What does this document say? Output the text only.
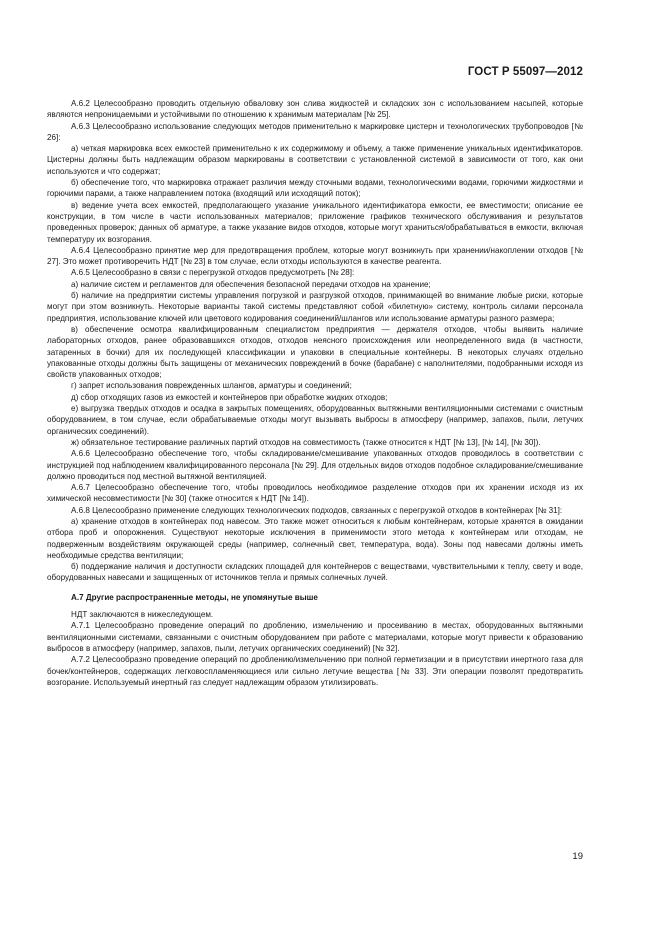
ГОСТ Р 55097—2012

А.6.2 Целесообразно проводить отдельную обваловку зон слива жидкостей и складских зон с использованием насыпей, которые являются непроницаемыми и устойчивыми по отношению к хранимым материалам [№ 25].

А.6.3 Целесообразно использование следующих методов применительно к маркировке цистерн и технологических трубопроводов [№ 26]:

а) четкая маркировка всех емкостей применительно к их содержимому и объему, а также применение уникальных идентификаторов. Цистерны должны быть надлежащим образом маркированы в соответствии с установленной системой в зависимости от того, как они используются и что содержат;

б) обеспечение того, что маркировка отражает различия между сточными водами, технологическими водами, горючими жидкостями и горючими парами, а также направлением потока (входящий или исходящий поток);

в) ведение учета всех емкостей, предполагающего указание уникального идентификатора емкости, ее вместимости; описание ее конструкции, в том числе в части использованных материалов; приложение графиков технического обслуживания и результатов проведенных проверок; данных об арматуре, а также указание видов отходов, которые могут храниться/обрабатываться в емкости, включая температуру их возгорания.

А.6.4 Целесообразно принятие мер для предотвращения проблем, которые могут возникнуть при хранении/накоплении отходов [№ 27]. Это может противоречить НДТ [№ 23] в том случае, если отходы используются в качестве реагента.

А.6.5 Целесообразно в связи с перегрузкой отходов предусмотреть [№ 28]:

а) наличие систем и регламентов для обеспечения безопасной передачи отходов на хранение;

б) наличие на предприятии системы управления погрузкой и разгрузкой отходов, принимающей во внимание любые риски, которые могут при этом возникнуть. Некоторые варианты такой системы представляют собой «билетную» систему, контроль силами персонала предприятия, использование ключей или цветового кодирования соединений/шлангов или использование арматуры разного размера;

в) обеспечение осмотра квалифицированным специалистом предприятия — держателя отходов, чтобы выявить наличие лабораторных отходов, ранее образовавшихся отходов, отходов неясного происхождения или неопределенного вида (в частности, затаренных в бочки) для их последующей классификации и упаковки в специальные контейнеры. В некоторых случаях отдельно упакованные отходы должны быть защищены от механических повреждений в бочке (барабане) с наполнителями, подобранными исходя из свойств упакованных отходов;

г) запрет использования поврежденных шлангов, арматуры и соединений;

д) сбор отходящих газов из емкостей и контейнеров при обработке жидких отходов;

е) выгрузка твердых отходов и осадка в закрытых помещениях, оборудованных вытяжными вентиляционными системами с очистным оборудованием, в том случае, если обрабатываемые отходы могут вызывать выбросы в атмосферу (например, запахов, пыли, летучих органических соединений).

ж) обязательное тестирование различных партий отходов на совместимость (также относится к НДТ [№ 13], [№ 14], [№ 30]).

А.6.6 Целесообразно обеспечение того, чтобы складирование/смешивание упакованных отходов проводилось в соответствии с инструкцией под наблюдением квалифицированного персонала [№ 29]. Для отдельных видов отходов подобное складирование/смешивание должно проводиться под местной вытяжной вентиляцией.

А.6.7 Целесообразно обеспечение того, чтобы проводилось необходимое разделение отходов при их хранении исходя из их химической несовместимости [№ 30] (также относится к НДТ [№ 14]).

А.6.8 Целесообразно применение следующих технологических подходов, связанных с перегрузкой отходов в контейнерах [№ 31]:

а) хранение отходов в контейнерах под навесом. Это также может относиться к любым контейнерам, которые хранятся в ожидании отбора проб и опорожнения. Существуют некоторые исключения в применимости этого метода к контейнерам или отходам, не подверженным воздействиям окружающей среды (например, солнечный свет, температура, вода). Зоны под навесами должны иметь необходимые средства вентиляции;

б) поддержание наличия и доступности складских площадей для контейнеров с веществами, чувствительными к теплу, свету и воде, оборудованных навесами и защищенных от источников тепла и прямых солнечных лучей.

А.7 Другие распространенные методы, не упомянутые выше

НДТ заключаются в нижеследующем.

А.7.1 Целесообразно проведение операций по дроблению, измельчению и просеиванию в местах, оборудованных вытяжными вентиляционными системами, связанными с очистным оборудованием при работе с материалами, которые могут привести к образованию выбросов в атмосферу (например, запахов, пыли, летучих органических соединений) [№ 32].

А.7.2 Целесообразно проведение операций по дроблению/измельчению при полной герметизации и в присутствии инертного газа для бочек/контейнеров, содержащих легковоспламеняющиеся или сильно летучие вещества [№ 33]. Эти операции позволят предотвратить возгорание. Используемый инертный газ следует надлежащим образом утилизировать.

19
